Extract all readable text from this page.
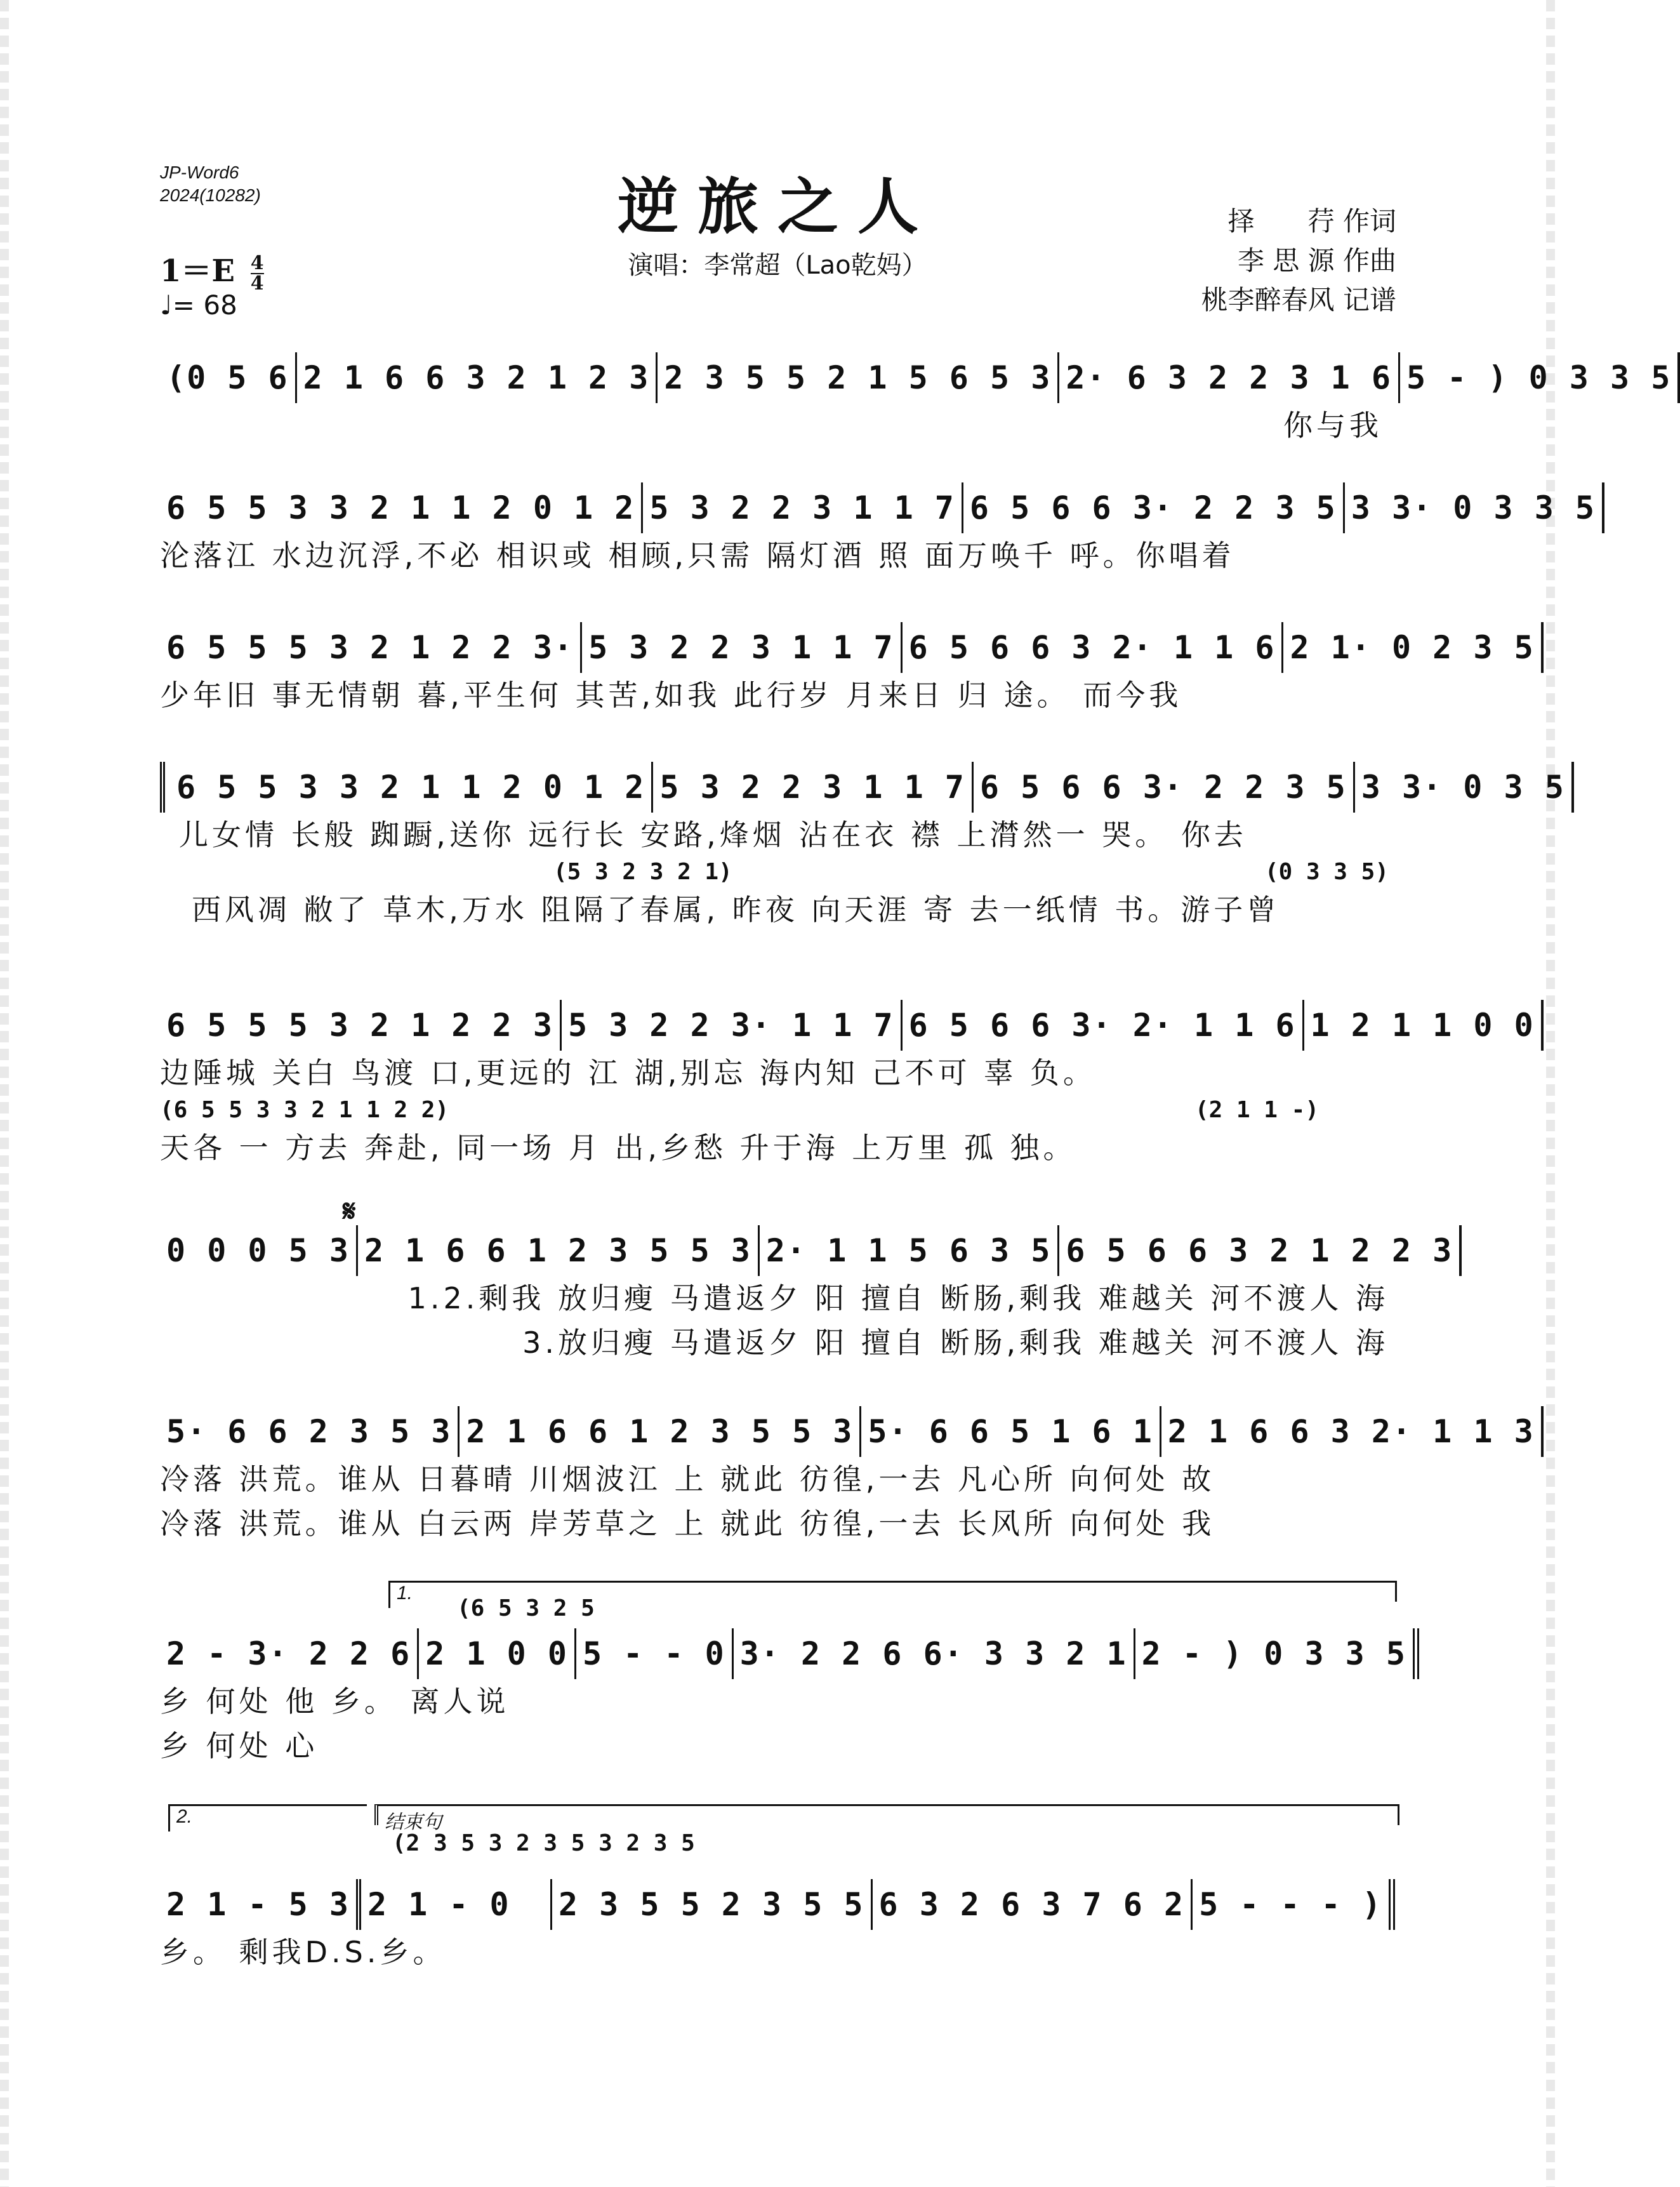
JP-Word6
2024(10282)	逆旅之人
演唱：李常超（Lao乾妈）
择　　荇 作词
李 思 源 作曲
桃李醉春风 记谱
$1=E \frac{4}{4}$
♩= 68
(0 5 6 2 1 6 6 3 2 1 2 3 2 3 5 5 2 1 5 6 5 3 2· 6 3 2 2 3 1 6 5 - ) 0 3 3 5
你与我
6 5 5 3 3 2 1 1 2 0 1 2 5 3 2 2 3 1 1 7 6 5 6 6 3· 2 2 3 5 3 3· 0 3 3 5
沦落江 水边沉浮,不必 相识或 相顾,只需 隔灯酒 照 面万唤千 呼。你唱着
6 5 5 5 3 2 1 2 2 3· 5 3 2 2 3 1 1 7 6 5 6 6 3 2· 1 1 6 2 1· 0 2 3 5
少年旧 事无情朝 暮,平生何 其苦,如我 此行岁 月来日 归 途。 而今我
6 5 5 3 3 2 1 1 2 0 1 2 5 3 2 2 3 1 1 7 6 5 6 6 3· 2 2 3 5 3 3· 0 3 5
儿女情 长般 踟蹰,送你 远行长 安路,烽烟 沾在衣 襟 上潸然一 哭。 你去
(5 3 2 3 2 1)	(0 3 3 5)
西风凋 敝了 草木,万水 阻隔了春属, 昨夜 向天涯 寄 去一纸情 书。游子曾
6 5 5 5 3 2 1 2 2 3 5 3 2 2 3· 1 1 7 6 5 6 6 3· 2· 1 1 6 1 2 1 1 0 0
边陲城 关白 鸟渡 口,更远的 江 湖,别忘 海内知 己不可 辜 负。
(6 5 5 3 3 2 1 1 2 2)	(2 1 1 -)
天各 一 方去 奔赴, 同一场 月 出,乡愁 升于海 上万里 孤 独。
𝄋
0 0 0 5 3 2 1 6 6 1 2 3 5 5 3 2· 1 1 5 6 3 5 6 5 6 6 3 2 1 2 2 3
1.2.剩我 放归瘦 马遣返夕 阳 擅自 断肠,剩我 难越关 河不渡人 海
3.放归瘦 马遣返夕 阳 擅自 断肠,剩我 难越关 河不渡人 海
5· 6 6 2 3 5 3 2 1 6 6 1 2 3 5 5 3 5· 6 6 5 1 6 1 2 1 6 6 3 2· 1 1 3
冷落 洪荒。谁从 日暮晴 川烟波江 上 就此 彷徨,一去 凡心所 向何处 故
冷落 洪荒。谁从 白云两 岸芳草之 上 就此 彷徨,一去 长风所 向何处 我
1.
(6 5 3 2 5
2 - 3· 2 2 6 2 1 0 0 5 - - 0 3· 2 2 6 6· 3 3 2 1 2 - ) 0 3 3 5
乡 何处 他 乡。 离人说
乡 何处 心
2.	结束句
(2 3 5 3 2 3 5 3 2 3 5
2 1 - 5 3 2 1 - 0 2 3 5 5 2 3 5 5 6 3 2 6 3 7 6 2 5 - - - )
乡。 剩我D.S.乡。
